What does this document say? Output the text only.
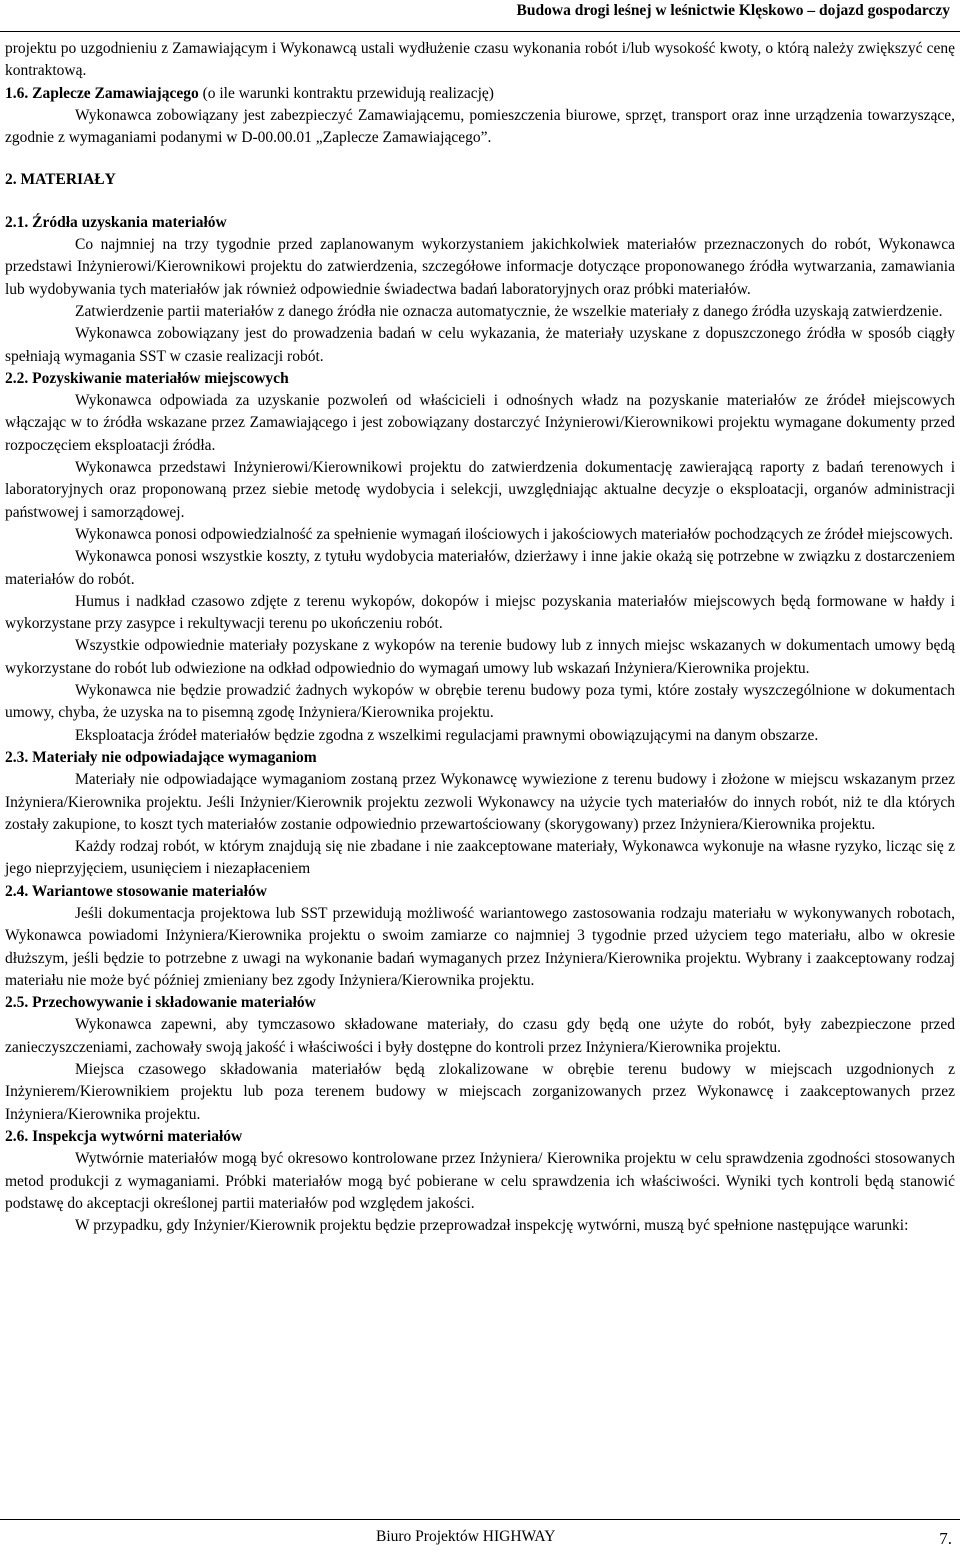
Budowa drogi leśnej w leśnictwie Klęskowo – dojazd gospodarczy

projektu po uzgodnieniu z Zamawiającym i Wykonawcą ustali wydłużenie czasu wykonania robót i/lub wysokość kwoty, o którą należy zwiększyć cenę kontraktową.

1.6. Zaplecze Zamawiającego (o ile warunki kontraktu przewidują realizację)

Wykonawca zobowiązany jest zabezpieczyć Zamawiającemu, pomieszczenia biurowe, sprzęt, transport oraz inne urządzenia towarzyszące, zgodnie z wymaganiami podanymi w D-00.00.01 „Zaplecze Zamawiającego”.

2. MATERIAŁY

2.1. Źródła uzyskania materiałów

Co najmniej na trzy tygodnie przed zaplanowanym wykorzystaniem jakichkolwiek materiałów przeznaczonych do robót, Wykonawca przedstawi Inżynierowi/Kierownikowi projektu do zatwierdzenia, szczegółowe informacje dotyczące proponowanego źródła wytwarzania, zamawiania lub wydobywania tych materiałów jak również odpowiednie świadectwa badań laboratoryjnych oraz próbki materiałów.

Zatwierdzenie partii materiałów z danego źródła nie oznacza automatycznie, że wszelkie materiały z danego źródła uzyskają zatwierdzenie.

Wykonawca zobowiązany jest do prowadzenia badań w celu wykazania, że materiały uzyskane z dopuszczonego źródła w sposób ciągły spełniają wymagania SST w czasie realizacji robót.

2.2. Pozyskiwanie materiałów miejscowych

Wykonawca odpowiada za uzyskanie pozwoleń od właścicieli i odnośnych władz na pozyskanie materiałów ze źródeł miejscowych włączając w to źródła wskazane przez Zamawiającego i jest zobowiązany dostarczyć Inżynierowi/Kierownikowi projektu wymagane dokumenty przed rozpoczęciem eksploatacji źródła.

Wykonawca przedstawi Inżynierowi/Kierownikowi projektu do zatwierdzenia dokumentację zawierającą raporty z badań terenowych i laboratoryjnych oraz proponowaną przez siebie metodę wydobycia i selekcji, uwzględniając aktualne decyzje o eksploatacji, organów administracji państwowej i samorządowej.

Wykonawca ponosi odpowiedzialność za spełnienie wymagań ilościowych i jakościowych materiałów pochodzących ze źródeł miejscowych.

Wykonawca ponosi wszystkie koszty, z tytułu wydobycia materiałów, dzierżawy i inne jakie okażą się potrzebne w związku z dostarczeniem materiałów do robót.

Humus i nadkład czasowo zdjęte z terenu wykopów, dokopów i miejsc pozyskania materiałów miejscowych będą formowane w hałdy i wykorzystane przy zasypce i rekultywacji terenu po ukończeniu robót.

Wszystkie odpowiednie materiały pozyskane z wykopów na terenie budowy lub z innych miejsc wskazanych w dokumentach umowy będą wykorzystane do robót lub odwiezione na odkład odpowiednio do wymagań umowy lub wskazań Inżyniera/Kierownika projektu.

Wykonawca nie będzie prowadzić żadnych wykopów w obrębie terenu budowy poza tymi, które zostały wyszczególnione w dokumentach umowy, chyba, że uzyska na to pisemną zgodę Inżyniera/Kierownika projektu.

Eksploatacja źródeł materiałów będzie zgodna z wszelkimi regulacjami prawnymi obowiązującymi na danym obszarze.

2.3. Materiały nie odpowiadające wymaganiom

Materiały nie odpowiadające wymaganiom zostaną przez Wykonawcę wywiezione z terenu budowy i złożone w miejscu wskazanym przez Inżyniera/Kierownika projektu. Jeśli Inżynier/Kierownik projektu zezwoli Wykonawcy na użycie tych materiałów do innych robót, niż te dla których zostały zakupione, to koszt tych materiałów zostanie odpowiednio przewartościowany (skorygowany) przez Inżyniera/Kierownika projektu.

Każdy rodzaj robót, w którym znajdują się nie zbadane i nie zaakceptowane materiały, Wykonawca wykonuje na własne ryzyko, licząc się z jego nieprzyjęciem, usunięciem i niezapłaceniem

2.4. Wariantowe stosowanie materiałów

Jeśli dokumentacja projektowa lub SST przewidują możliwość wariantowego zastosowania rodzaju materiału w wykonywanych robotach, Wykonawca powiadomi Inżyniera/Kierownika projektu o swoim zamiarze co najmniej 3 tygodnie przed użyciem tego materiału, albo w okresie dłuższym, jeśli będzie to potrzebne z uwagi na wykonanie badań wymaganych przez Inżyniera/Kierownika projektu. Wybrany i zaakceptowany rodzaj materiału nie może być później zmieniany bez zgody Inżyniera/Kierownika projektu.

2.5. Przechowywanie i składowanie materiałów

Wykonawca zapewni, aby tymczasowo składowane materiały, do czasu gdy będą one użyte do robót, były zabezpieczone przed zanieczyszczeniami, zachowały swoją jakość i właściwości i były dostępne do kontroli przez Inżyniera/Kierownika projektu.

Miejsca czasowego składowania materiałów będą zlokalizowane w obrębie terenu budowy w miejscach uzgodnionych z Inżynierem/Kierownikiem projektu lub poza terenem budowy w miejscach zorganizowanych przez Wykonawcę i zaakceptowanych przez Inżyniera/Kierownika projektu.

2.6. Inspekcja wytwórni materiałów

Wytwórnie materiałów mogą być okresowo kontrolowane przez Inżyniera/ Kierownika projektu w celu sprawdzenia zgodności stosowanych metod produkcji z wymaganiami. Próbki materiałów mogą być pobierane w celu sprawdzenia ich właściwości. Wyniki tych kontroli będą stanowić podstawę do akceptacji określonej partii materiałów pod względem jakości.

W przypadku, gdy Inżynier/Kierownik projektu będzie przeprowadzał inspekcję wytwórni, muszą być spełnione następujące warunki:

Biuro Projektów HIGHWAY	7.
